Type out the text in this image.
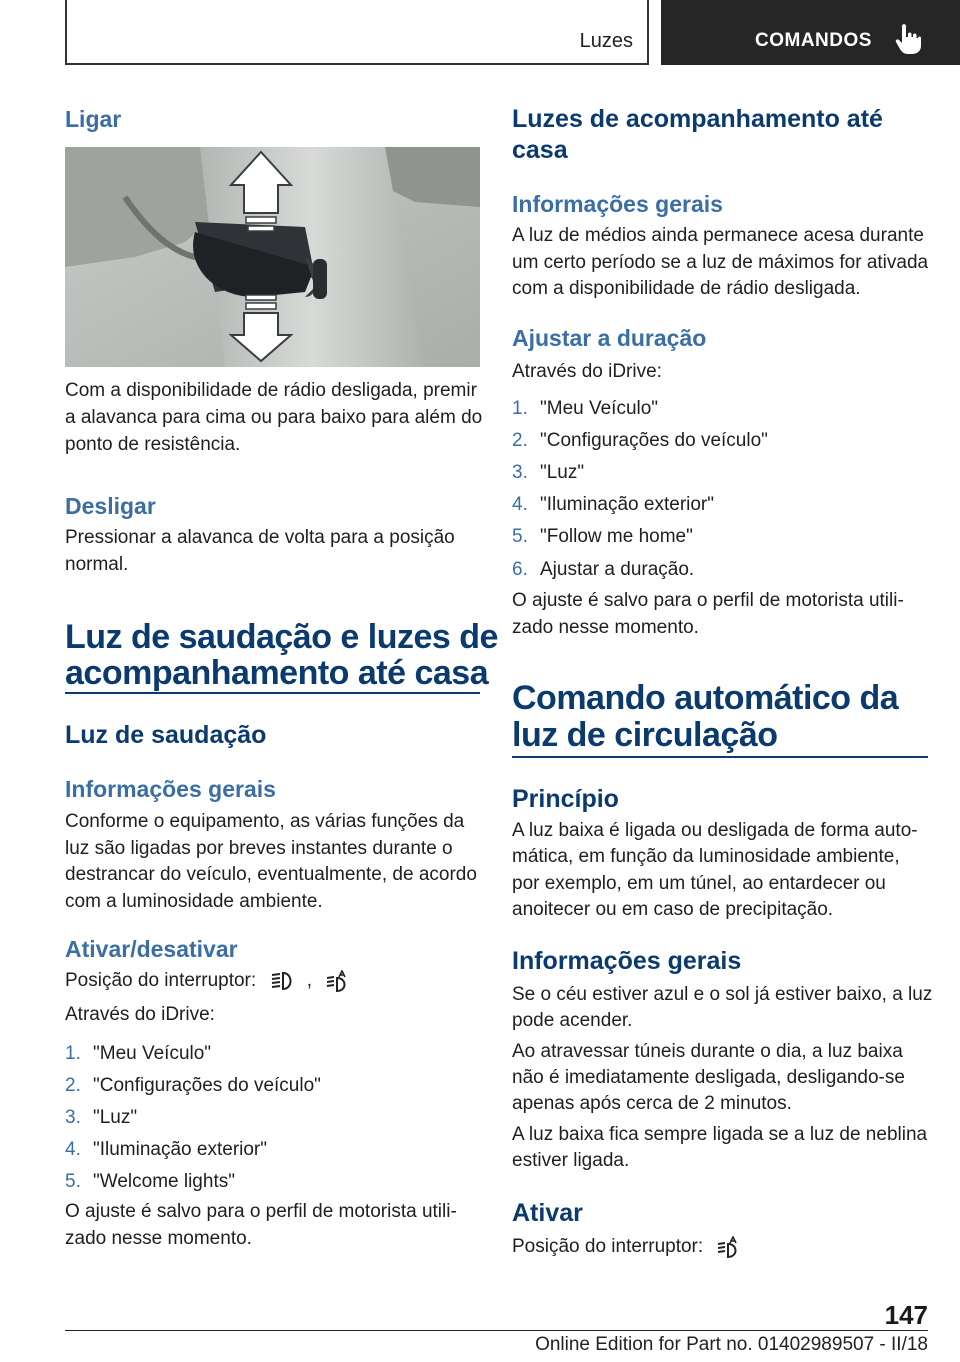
Luzes	COMANDOS
Ligar
Com a disponibilidade de rádio desligada, premir
a alavanca para cima ou para baixo para além do
ponto de resistência.
Desligar
Pressionar a alavanca de volta para a posição
normal.
Luz de saudação e luzes de
acompanhamento até casa
Luz de saudação
Informações gerais
Conforme o equipamento, as várias funções da
luz são ligadas por breves instantes durante o
destrancar do veículo, eventualmente, de acordo
com a luminosidade ambiente.
Ativar/desativar
Posição do interruptor:	,
Através do iDrive:
1. "Meu Veículo"
2. "Configurações do veículo"
3. "Luz"
4. "Iluminação exterior"
5. "Welcome lights"
O ajuste é salvo para o perfil de motorista utili-
zado nesse momento.
Luzes de acompanhamento até
casa
Informações gerais
A luz de médios ainda permanece acesa durante
um certo período se a luz de máximos for ativada
com a disponibilidade de rádio desligada.
Ajustar a duração
Através do iDrive:
1. "Meu Veículo"
2. "Configurações do veículo"
3. "Luz"
4. "Iluminação exterior"
5. "Follow me home"
6. Ajustar a duração.
O ajuste é salvo para o perfil de motorista utili-
zado nesse momento.
Comando automático da
luz de circulação
Princípio
A luz baixa é ligada ou desligada de forma auto-
mática, em função da luminosidade ambiente,
por exemplo, em um túnel, ao entardecer ou
anoitecer ou em caso de precipitação.
Informações gerais
Se o céu estiver azul e o sol já estiver baixo, a luz
pode acender.
Ao atravessar túneis durante o dia, a luz baixa
não é imediatamente desligada, desligando-se
apenas após cerca de 2 minutos.
A luz baixa fica sempre ligada se a luz de neblina
estiver ligada.
Ativar
Posição do interruptor:
147
Online Edition for Part no. 01402989507 - II/18
